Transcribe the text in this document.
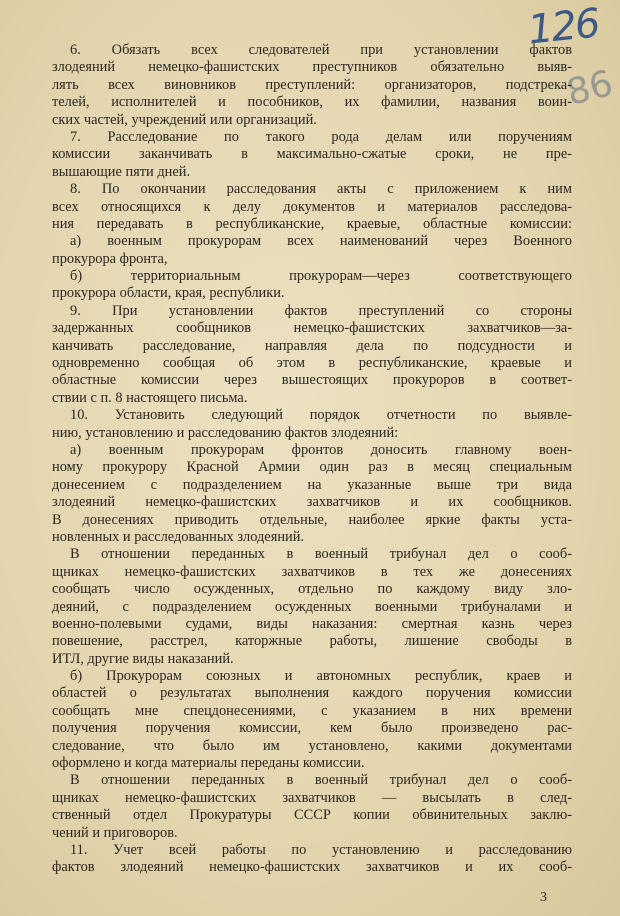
126
86
6. Обязать всех следователей при установлении фактов
злодеяний немецко-фашистских преступников обязательно выяв-
лять всех виновников преступлений: организаторов, подстрека-
телей, исполнителей и пособников, их фамилии, названия воин-
ских частей, учреждений или организаций.
7. Расследование по такого рода делам или поручениям
комиссии заканчивать в максимально-сжатые сроки, не пре-
вышающие пяти дней.
8. По окончании расследования акты с приложением к ним
всех относящихся к делу документов и материалов расследова-
ния передавать в республиканские, краевые, областные комиссии:
а) военным прокурорам всех наименований через Военного
прокурора фронта,
б) территориальным прокурорам—через соответствующего
прокурора области, края, республики.
9. При установлении фактов преступлений со стороны
задержанных сообщников немецко-фашистских захватчиков—за-
канчивать расследование, направляя дела по подсудности и
одновременно сообщая об этом в республиканские, краевые и
областные комиссии через вышестоящих прокуроров в соответ-
ствии с п. 8 настоящего письма.
10. Установить следующий порядок отчетности по выявле-
нию, установлению и расследованию фактов злодеяний:
а) военным прокурорам фронтов доносить главному воен-
ному прокурору Красной Армии один раз в месяц специальным
донесением с подразделением на указанные выше три вида
злодеяний немецко-фашистских захватчиков и их сообщников.
В донесениях приводить отдельные, наиболее яркие факты уста-
новленных и расследованных злодеяний.
В отношении переданных в военный трибунал дел о сооб-
щниках немецко-фашистских захватчиков в тех же донесениях
сообщать число осужденных, отдельно по каждому виду зло-
деяний, с подразделением осужденных военными трибуналами и
военно-полевыми судами, виды наказания: смертная казнь через
повешение, расстрел, каторжные работы, лишение свободы в
ИТЛ, другие виды наказаний.
б) Прокурорам союзных и автономных республик, краев и
областей о результатах выполнения каждого поручения комиссии
сообщать мне спецдонесениями, с указанием в них времени
получения поручения комиссии, кем было произведено рас-
следование, что было им установлено, какими документами
оформлено и когда материалы переданы комиссии.
В отношении переданных в военный трибунал дел о сооб-
щниках немецко-фашистских захватчиков — высылать в след-
ственный отдел Прокуратуры СССР копии обвинительных заклю-
чений и приговоров.
11. Учет всей работы по установлению и расследованию
фактов злодеяний немецко-фашистских захватчиков и их сооб-
3
